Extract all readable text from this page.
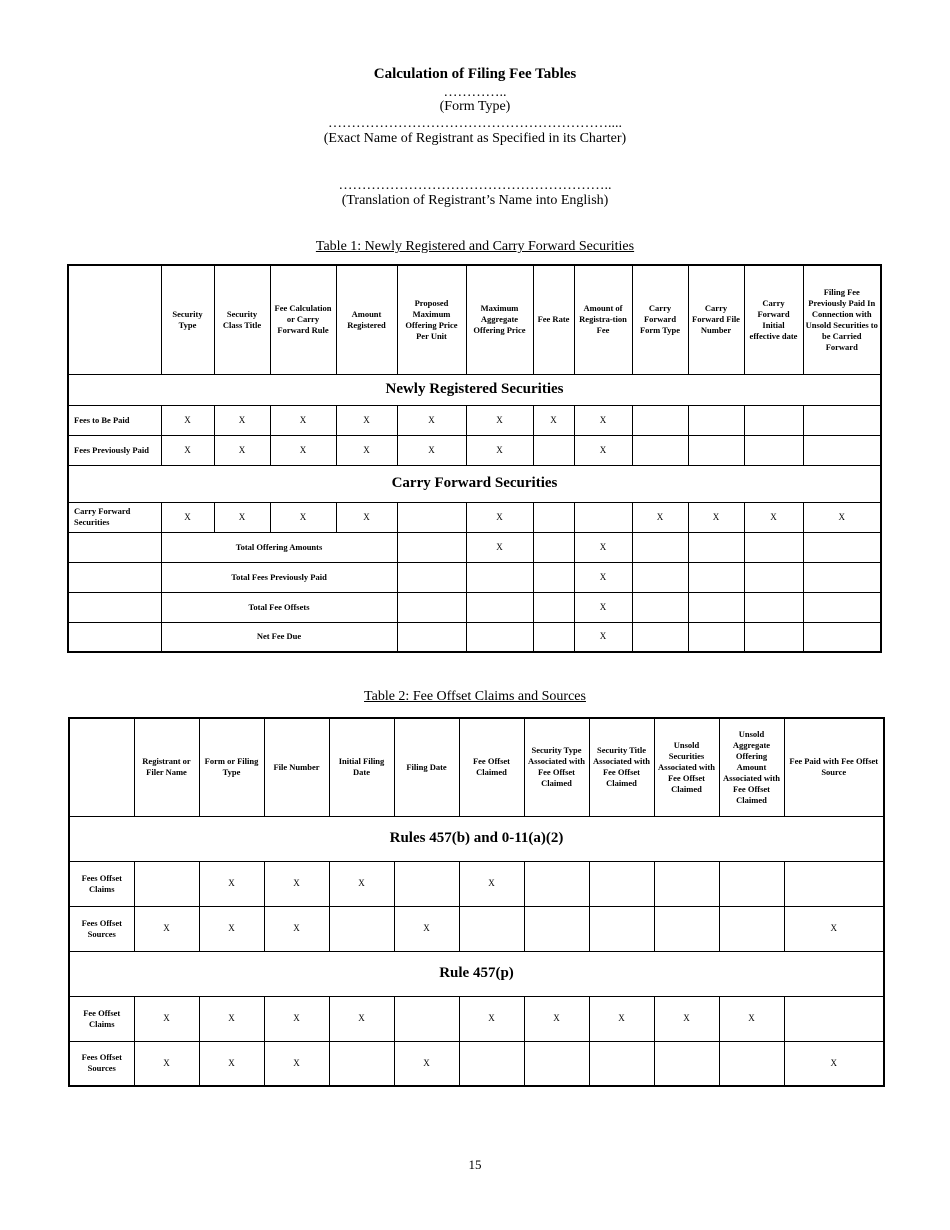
Calculation of Filing Fee Tables
…………..
(Form Type)
……………………………………………………....
(Exact Name of Registrant as Specified in its Charter)
…………………………………………………..
(Translation of Registrant’s Name into English)
Table 1: Newly Registered and Carry Forward Securities
	Security Type	Security Class Title	Fee Calculation or Carry Forward Rule	Amount Registered	Proposed Maximum Offering Price Per Unit	Maximum Aggregate Offering Price	Fee Rate	Amount of Registra-tion Fee	Carry Forward Form Type	Carry Forward File Number	Carry Forward Initial effective date	Filing Fee Previously Paid In Connection with Unsold Securities to be Carried Forward
Newly Registered Securities												
Fees to Be Paid	X	X	X	X	X	X	X	X				
Fees Previously Paid	X	X	X	X	X	X		X				
Carry Forward Securities												
Carry Forward Securities	X	X	X	X		X			X	X	X	X
	Total Offering Amounts					X		X				
	Total Fees Previously Paid							X				
	Total Fee Offsets							X				
	Net Fee Due							X				
Table 2: Fee Offset Claims and Sources
	Registrant or Filer Name	Form or Filing Type	File Number	Initial Filing Date	Filing Date	Fee Offset Claimed	Security Type Associated with Fee Offset Claimed	Security Title Associated with Fee Offset Claimed	Unsold Securities Associated with Fee Offset Claimed	Unsold Aggregate Offering Amount Associated with Fee Offset Claimed	Fee Paid with Fee Offset Source
Rules 457(b) and 0-11(a)(2)											
Fees Offset Claims		X	X	X		X					
Fees Offset Sources	X	X	X		X						X
Rule 457(p)											
Fee Offset Claims	X	X	X	X		X	X	X	X	X	
Fees Offset Sources	X	X	X		X						X
15
